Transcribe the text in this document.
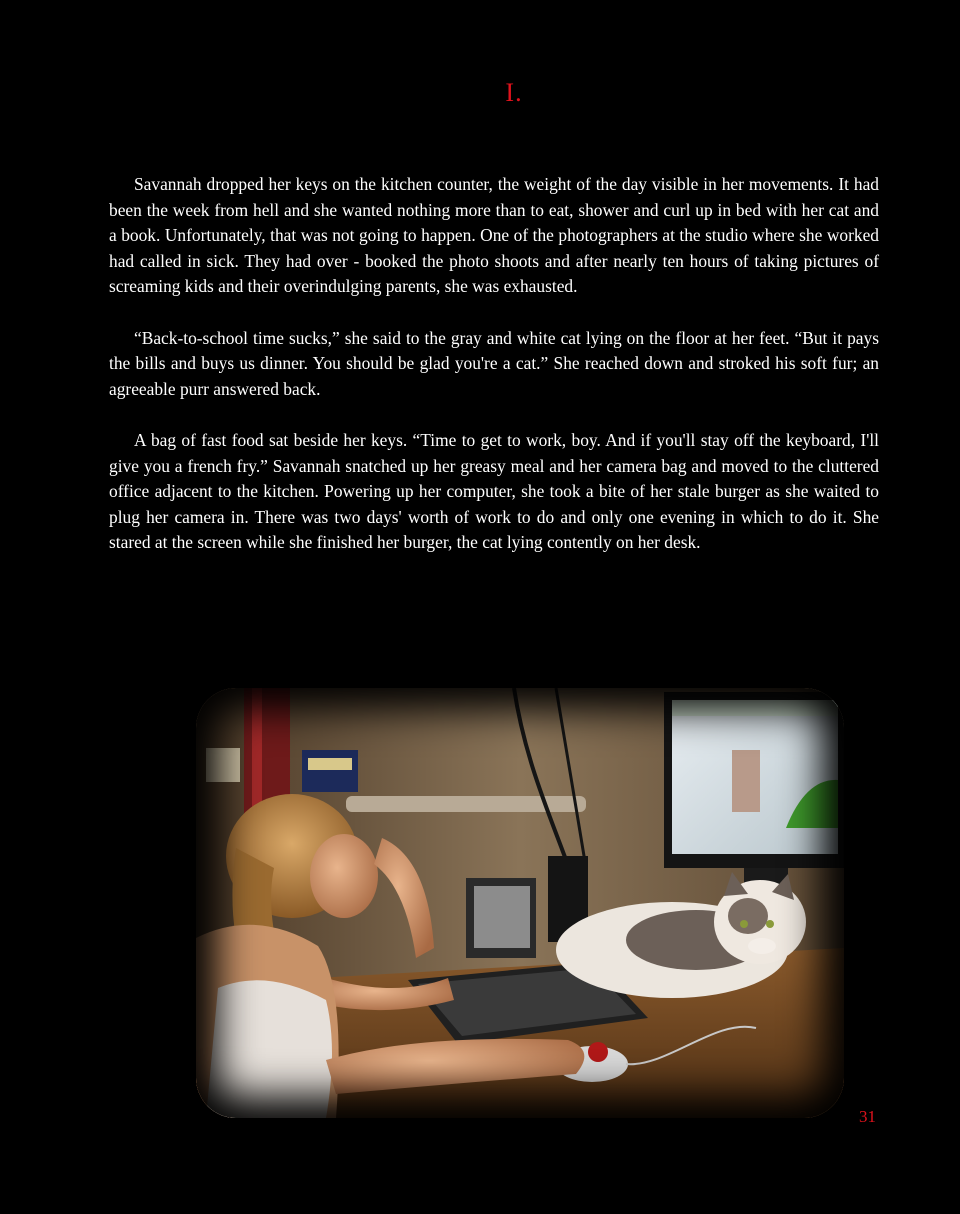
I.

Savannah dropped her keys on the kitchen counter, the weight of the day visible in her movements. It had been the week from hell and she wanted nothing more than to eat, shower and curl up in bed with her cat and a book. Unfortunately, that was not going to happen. One of the photographers at the studio where she worked had called in sick. They had over - booked the photo shoots and after nearly ten hours of taking pictures of screaming kids and their overindulging parents, she was exhausted.

“Back-to-school time sucks,” she said to the gray and white cat lying on the floor at her feet. “But it pays the bills and buys us dinner. You should be glad you're a cat.” She reached down and stroked his soft fur; an agreeable purr answered back.

A bag of fast food sat beside her keys. “Time to get to work, boy. And if you'll stay off the keyboard, I'll give you a french fry.” Savannah snatched up her greasy meal and her camera bag and moved to the cluttered office adjacent to the kitchen. Powering up her computer, she took a bite of her stale burger as she waited to plug her camera in. There was two days' worth of work to do and only one evening in which to do it. She stared at the screen while she finished her burger, the cat lying contently on her desk.

31
